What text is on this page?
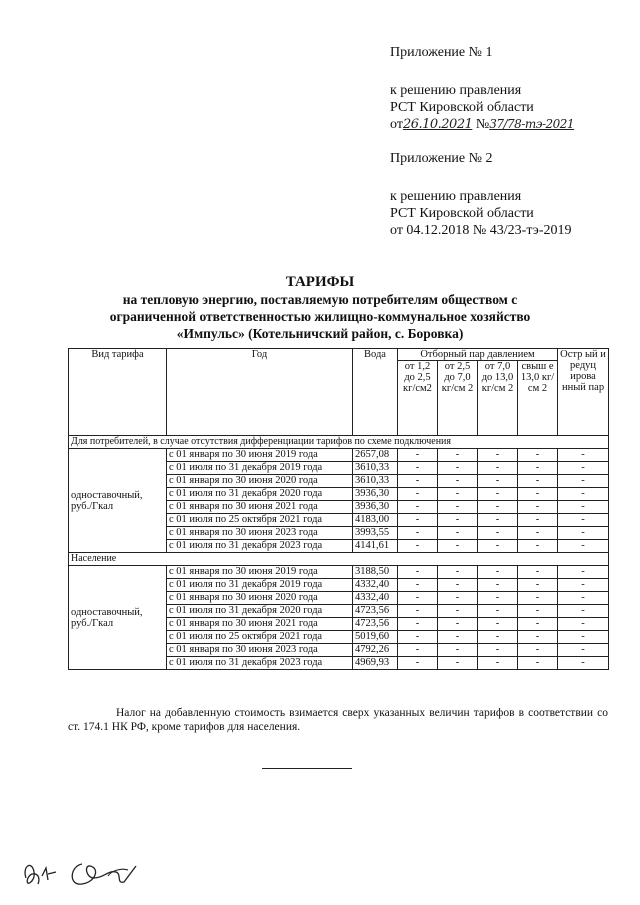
Приложение № 1
к решению правления
РСТ Кировской области
от26.10.2021 №37/78-тэ-2021
Приложение № 2
к решению правления
РСТ Кировской области
от 04.12.2018 № 43/23-тэ-2019
ТАРИФЫ
на тепловую энергию, поставляемую потребителям обществом с
ограниченной ответственностью жилищно-коммунальное хозяйство
«Импульс» (Котельничский район, с. Боровка)
Вид тарифа	Год	Вода	Отборный пар давлением				Остр ый и редуц ирова нный пар
			от 1,2 до 2,5 кг/см2	от 2,5 до 7,0 кг/см 2	от 7,0 до 13,0 кг/см 2	свыш е 13,0 кг/см 2	
Для потребителей, в случае отсутствия дифференциации тарифов по схеме подключения							
одноставочный, руб./Гкал	с 01 января по 30 июня 2019 года	2657,08	-	-	-	-	-
	с 01 июля по 31 декабря 2019 года	3610,33	-	-	-	-	-
	с 01 января по 30 июня 2020 года	3610,33	-	-	-	-	-
	с 01 июля по 31 декабря 2020 года	3936,30	-	-	-	-	-
	с 01 января по 30 июня 2021 года	3936,30	-	-	-	-	-
	с 01 июля по 25 октября 2021 года	4183,00	-	-	-	-	-
	с 01 января по 30 июня 2023 года	3993,55	-	-	-	-	-
	с 01 июля по 31 декабря 2023 года	4141,61	-	-	-	-	-
Население							
одноставочный, руб./Гкал	с 01 января по 30 июня 2019 года	3188,50	-	-	-	-	-
	с 01 июля по 31 декабря 2019 года	4332,40	-	-	-	-	-
	с 01 января по 30 июня 2020 года	4332,40	-	-	-	-	-
	с 01 июля по 31 декабря 2020 года	4723,56	-	-	-	-	-
	с 01 января по 30 июня 2021 года	4723,56	-	-	-	-	-
	с 01 июля по 25 октября 2021 года	5019,60	-	-	-	-	-
	с 01 января по 30 июня 2023 года	4792,26	-	-	-	-	-
	с 01 июля по 31 декабря 2023 года	4969,93	-	-	-	-	-
Налог на добавленную стоимость взимается сверх указанных величин тарифов в соответствии со ст. 174.1 НК РФ, кроме тарифов для населения.
